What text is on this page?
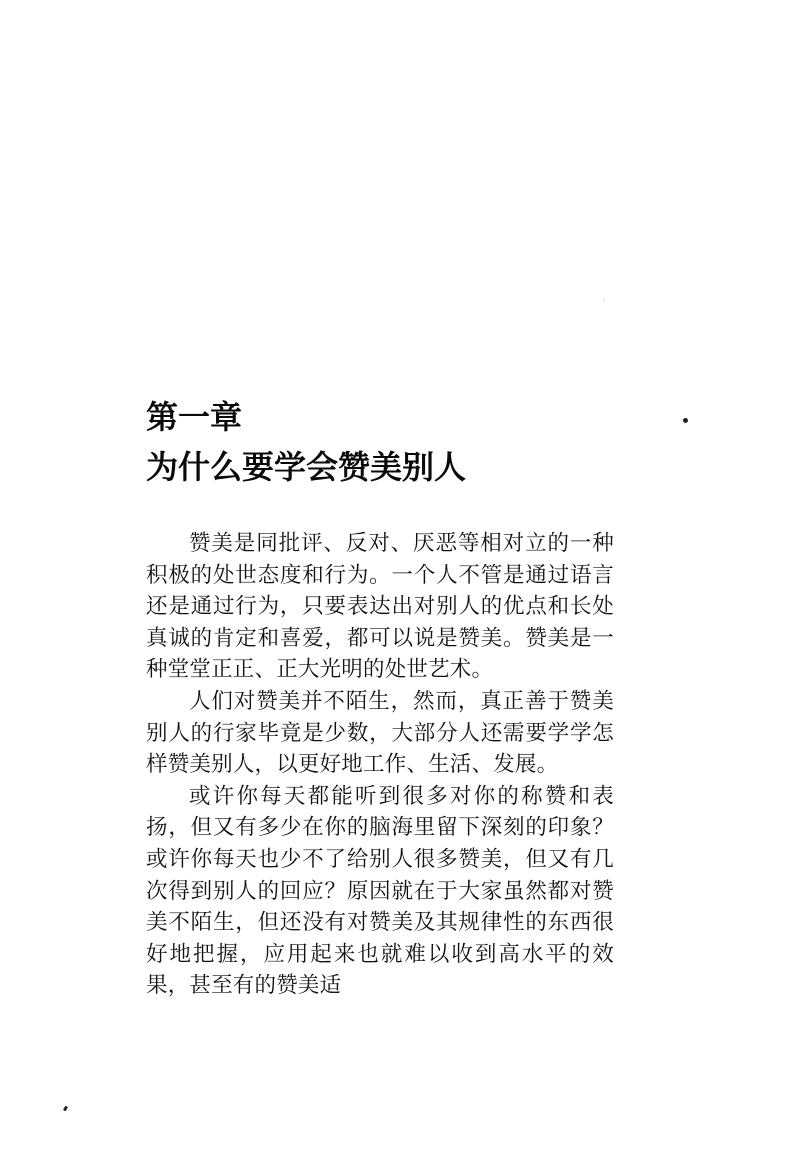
第一章
为什么要学会赞美别人

赞美是同批评、反对、厌恶等相对立的一种积极的处世态度和行为。一个人不管是通过语言还是通过行为，只要表达出对别人的优点和长处真诚的肯定和喜爱，都可以说是赞美。赞美是一种堂堂正正、正大光明的处世艺术。

人们对赞美并不陌生，然而，真正善于赞美别人的行家毕竟是少数，大部分人还需要学学怎样赞美别人，以更好地工作、生活、发展。

或许你每天都能听到很多对你的称赞和表扬，但又有多少在你的脑海里留下深刻的印象？或许你每天也少不了给别人很多赞美，但又有几次得到别人的回应？原因就在于大家虽然都对赞美不陌生，但还没有对赞美及其规律性的东西很好地把握，应用起来也就难以收到高水平的效果，甚至有的赞美适
